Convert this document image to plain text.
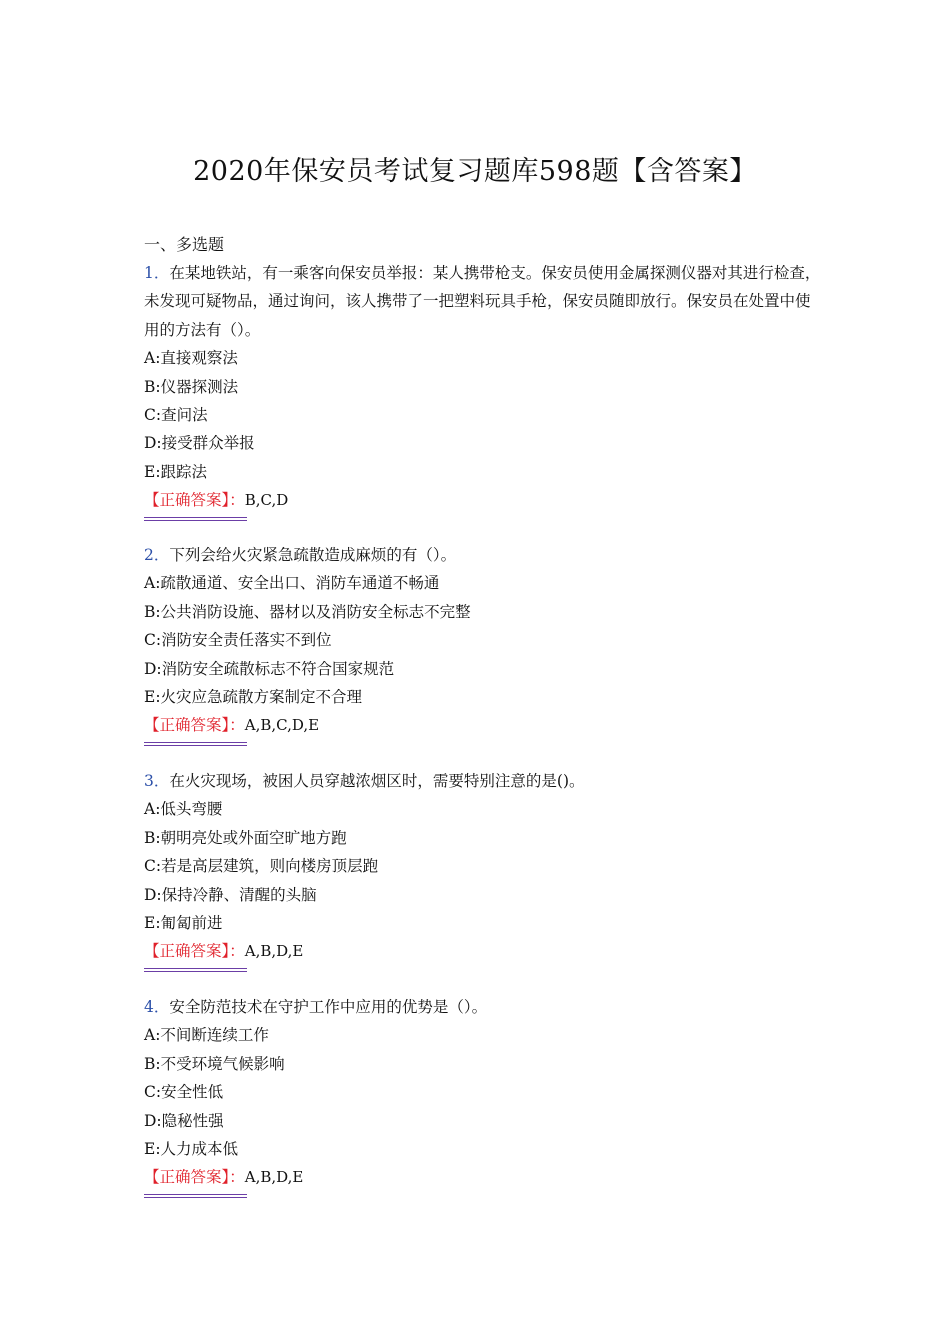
2020年保安员考试复习题库598题【含答案】
一、多选题
1．在某地铁站，有一乘客向保安员举报：某人携带枪支。保安员使用金属探测仪器对其进行检查，未发现可疑物品，通过询问，该人携带了一把塑料玩具手枪，保安员随即放行。保安员在处置中使用的方法有（）。
A:直接观察法
B:仪器探测法
C:查问法
D:接受群众举报
E:跟踪法
【正确答案】：B,C,D
2．下列会给火灾紧急疏散造成麻烦的有（）。
A:疏散通道、安全出口、消防车通道不畅通
B:公共消防设施、器材以及消防安全标志不完整
C:消防安全责任落实不到位
D:消防安全疏散标志不符合国家规范
E:火灾应急疏散方案制定不合理
【正确答案】：A,B,C,D,E
3．在火灾现场，被困人员穿越浓烟区时，需要特别注意的是()。
A:低头弯腰
B:朝明亮处或外面空旷地方跑
C:若是高层建筑，则向楼房顶层跑
D:保持冷静、清醒的头脑
E:匍匐前进
【正确答案】：A,B,D,E
4．安全防范技术在守护工作中应用的优势是（）。
A:不间断连续工作
B:不受环境气候影响
C:安全性低
D:隐秘性强
E:人力成本低
【正确答案】：A,B,D,E
